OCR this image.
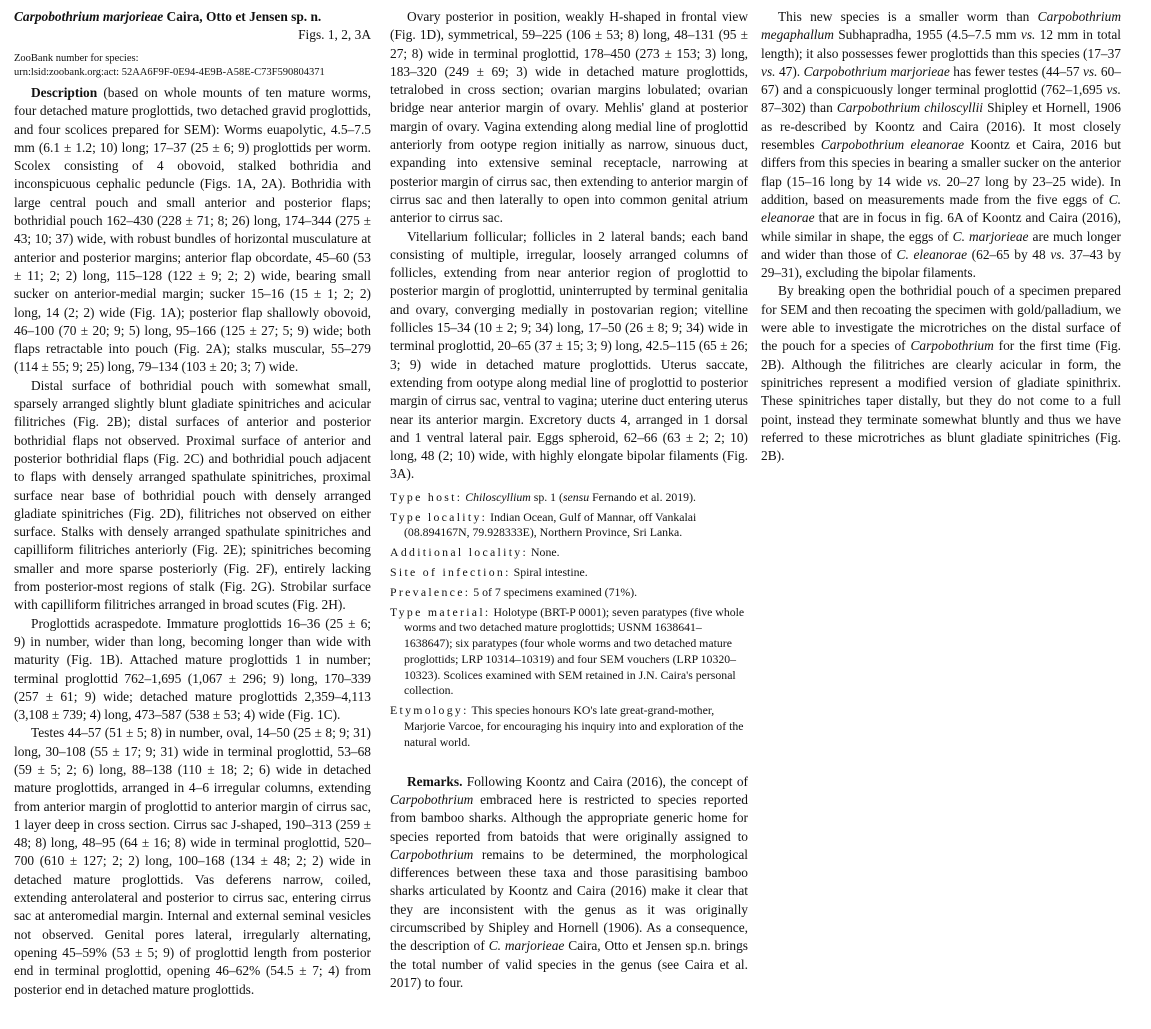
Carpobothrium marjorieae Caira, Otto et Jensen sp. n.
Figs. 1, 2, 3A

ZooBank number for species:

urn:lsid:zoobank.org:act: 52AA6F9F-0E94-4E9B-A58E-C73F590804371

Description (based on whole mounts of ten mature worms, four detached mature proglottids, two detached gravid proglottids, and four scolices prepared for SEM): Worms euapolytic, 4.5–7.5 mm (6.1 ± 1.2; 10) long; 17–37 (25 ± 6; 9) proglottids per worm. Scolex consisting of 4 obovoid, stalked bothridia and inconspicuous cephalic peduncle (Figs. 1A, 2A). Bothridia with large central pouch and small anterior and posterior flaps; bothridial pouch 162–430 (228 ± 71; 8; 26) long, 174–344 (275 ± 43; 10; 37) wide, with robust bundles of horizontal musculature at anterior and posterior margins; anterior flap obcordate, 45–60 (53 ± 11; 2; 2) long, 115–128 (122 ± 9; 2; 2) wide, bearing small sucker on anterior-medial margin; sucker 15–16 (15 ± 1; 2; 2) long, 14 (2; 2) wide (Fig. 1A); posterior flap shallowly obovoid, 46–100 (70 ± 20; 9; 5) long, 95–166 (125 ± 27; 5; 9) wide; both flaps retractable into pouch (Fig. 2A); stalks muscular, 55–279 (114 ± 55; 9; 25) long, 79–134 (103 ± 20; 3; 7) wide.

Distal surface of bothridial pouch with somewhat small, sparsely arranged slightly blunt gladiate spinitriches and acicular filitriches (Fig. 2B); distal surfaces of anterior and posterior bothridial flaps not observed. Proximal surface of anterior and posterior bothridial flaps (Fig. 2C) and bothridial pouch adjacent to flaps with densely arranged spathulate spinitriches, proximal surface near base of bothridial pouch with densely arranged gladiate spinitriches (Fig. 2D), filitriches not observed on either surface. Stalks with densely arranged spathulate spinitriches and capilliform filitriches anteriorly (Fig. 2E); spinitriches becoming smaller and more sparse posteriorly (Fig. 2F), entirely lacking from posterior-most regions of stalk (Fig. 2G). Strobilar surface with capilliform filitriches arranged in broad scutes (Fig. 2H).

Proglottids acraspedote. Immature proglottids 16–36 (25 ± 6; 9) in number, wider than long, becoming longer than wide with maturity (Fig. 1B). Attached mature proglottids 1 in number; terminal proglottid 762–1,695 (1,067 ± 296; 9) long, 170–339 (257 ± 61; 9) wide; detached mature proglottids 2,359–4,113 (3,108 ± 739; 4) long, 473–587 (538 ± 53; 4) wide (Fig. 1C).

Testes 44–57 (51 ± 5; 8) in number, oval, 14–50 (25 ± 8; 9; 31) long, 30–108 (55 ± 17; 9; 31) wide in terminal proglottid, 53–68 (59 ± 5; 2; 6) long, 88–138 (110 ± 18; 2; 6) wide in detached mature proglottids, arranged in 4–6 irregular columns, extending from anterior margin of proglottid to anterior margin of cirrus sac, 1 layer deep in cross section. Cirrus sac J-shaped, 190–313 (259 ± 48; 8) long, 48–95 (64 ± 16; 8) wide in terminal proglottid, 520–700 (610 ± 127; 2; 2) long, 100–168 (134 ± 48; 2; 2) wide in detached mature proglottids. Vas deferens narrow, coiled, extending anterolateral and posterior to cirrus sac, entering cirrus sac at anteromedial margin. Internal and external seminal vesicles not observed. Genital pores lateral, irregularly alternating, opening 45–59% (53 ± 5; 9) of proglottid length from posterior end in terminal proglottid, opening 46–62% (54.5 ± 7; 4) from posterior end in detached mature proglottids.

Ovary posterior in position, weakly H-shaped in frontal view (Fig. 1D), symmetrical, 59–225 (106 ± 53; 8) long, 48–131 (95 ± 27; 8) wide in terminal proglottid, 178–450 (273 ± 153; 3) long, 183–320 (249 ± 69; 3) wide in detached mature proglottids, tetralobed in cross section; ovarian margins lobulated; ovarian bridge near anterior margin of ovary. Mehlis' gland at posterior margin of ovary. Vagina extending along medial line of proglottid anteriorly from ootype region initially as narrow, sinuous duct, expanding into extensive seminal receptacle, narrowing at posterior margin of cirrus sac, then extending to anterior margin of cirrus sac and then laterally to open into common genital atrium anterior to cirrus sac.

Vitellarium follicular; follicles in 2 lateral bands; each band consisting of multiple, irregular, loosely arranged columns of follicles, extending from near anterior region of proglottid to posterior margin of proglottid, uninterrupted by terminal genitalia and ovary, converging medially in postovarian region; vitelline follicles 15–34 (10 ± 2; 9; 34) long, 17–50 (26 ± 8; 9; 34) wide in terminal proglottid, 20–65 (37 ± 15; 3; 9) long, 42.5–115 (65 ± 26; 3; 9) wide in detached mature proglottids. Uterus saccate, extending from ootype along medial line of proglottid to posterior margin of cirrus sac, ventral to vagina; uterine duct entering uterus near its anterior margin. Excretory ducts 4, arranged in 1 dorsal and 1 ventral lateral pair. Eggs spheroid, 62–66 (63 ± 2; 2; 10) long, 48 (2; 10) wide, with highly elongate bipolar filaments (Fig. 3A).

Type host: Chiloscyllium sp. 1 (sensu Fernando et al. 2019).

Type locality: Indian Ocean, Gulf of Mannar, off Vankalai (08.894167N, 79.928333E), Northern Province, Sri Lanka.

Additional locality: None.

Site of infection: Spiral intestine.

Prevalence: 5 of 7 specimens examined (71%).

Type material: Holotype (BRT-P 0001); seven paratypes (five whole worms and two detached mature proglottids; USNM 1638641–1638647); six paratypes (four whole worms and two detached mature proglottids; LRP 10314–10319) and four SEM vouchers (LRP 10320–10323). Scolices examined with SEM retained in J.N. Caira's personal collection.

Etymology: This species honours KO's late great-grand-mother, Marjorie Varcoe, for encouraging his inquiry into and exploration of the natural world.

Remarks. Following Koontz and Caira (2016), the concept of Carpobothrium embraced here is restricted to species reported from bamboo sharks. Although the appropriate generic home for species reported from batoids that were originally assigned to Carpobothrium remains to be determined, the morphological differences between these taxa and those parasitising bamboo sharks articulated by Koontz and Caira (2016) make it clear that they are inconsistent with the genus as it was originally circumscribed by Shipley and Hornell (1906). As a consequence, the description of C. marjorieae Caira, Otto et Jensen sp.n. brings the total number of valid species in the genus (see Caira et al. 2017) to four.

This new species is a smaller worm than Carpobothrium megaphallum Subhapradha, 1955 (4.5–7.5 mm vs. 12 mm in total length); it also possesses fewer proglottids than this species (17–37 vs. 47). Carpobothrium marjorieae has fewer testes (44–57 vs. 60–67) and a conspicuously longer terminal proglottid (762–1,695 vs. 87–302) than Carpobothrium chiloscyllii Shipley et Hornell, 1906 as re-described by Koontz and Caira (2016). It most closely resembles Carpobothrium eleanorae Koontz et Caira, 2016 but differs from this species in bearing a smaller sucker on the anterior flap (15–16 long by 14 wide vs. 20–27 long by 23–25 wide). In addition, based on measurements made from the five eggs of C. eleanorae that are in focus in fig. 6A of Koontz and Caira (2016), while similar in shape, the eggs of C. marjorieae are much longer and wider than those of C. eleanorae (62–65 by 48 vs. 37–43 by 29–31), excluding the bipolar filaments.

By breaking open the bothridial pouch of a specimen prepared for SEM and then recoating the specimen with gold/palladium, we were able to investigate the microtriches on the distal surface of the pouch for a species of Carpobothrium for the first time (Fig. 2B). Although the filitriches are clearly acicular in form, the spinitriches represent a modified version of gladiate spinithrix. These spinitriches taper distally, but they do not come to a full point, instead they terminate somewhat bluntly and thus we have referred to these microtriches as blunt gladiate spinitriches (Fig. 2B).
